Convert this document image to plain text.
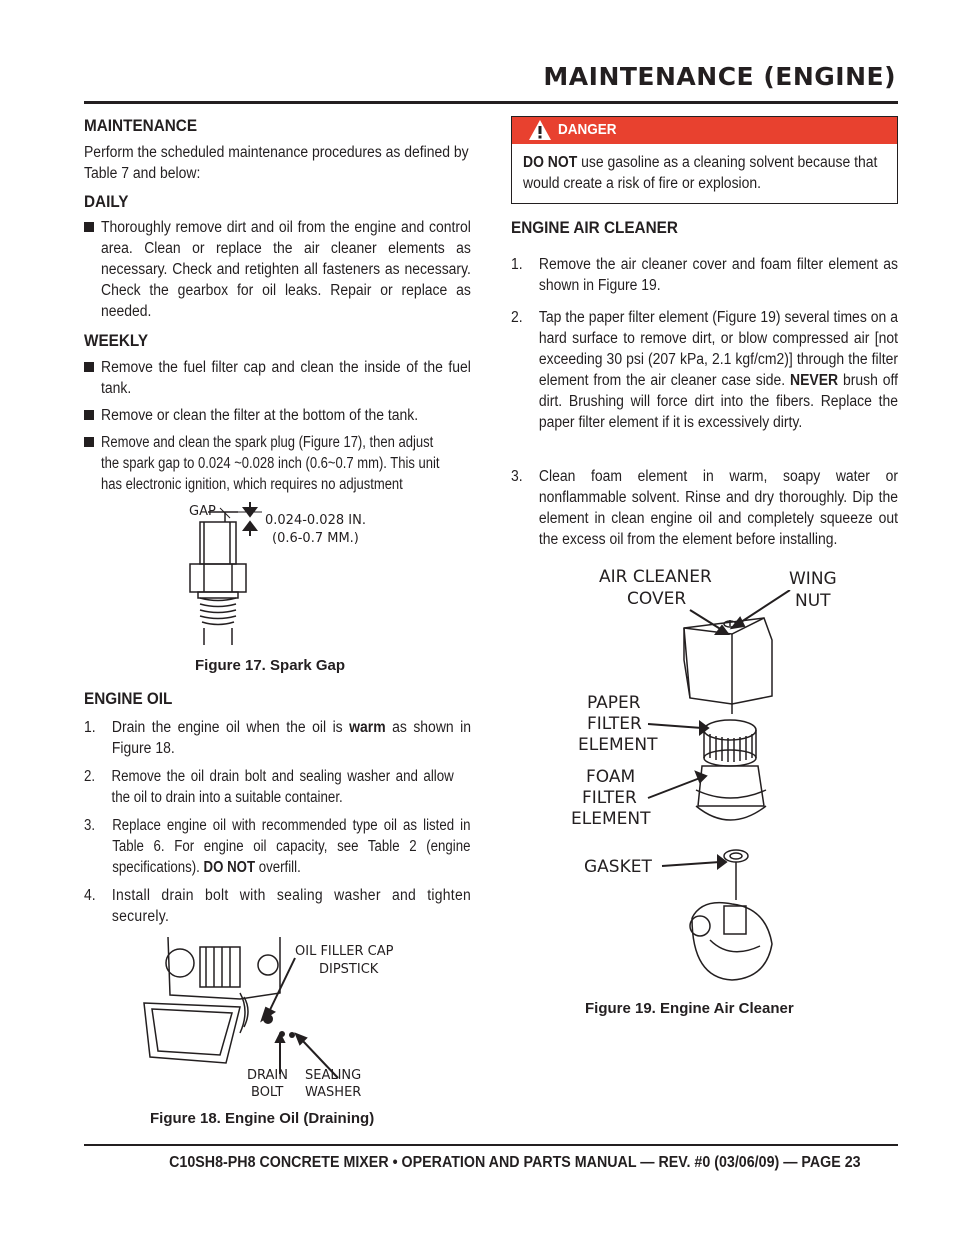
MAINTENANCE (ENGINE)
MAINTENANCE
Perform the scheduled maintenance procedures as defined by Table 7 and below:
DAILY
Thoroughly remove dirt and oil from the engine and control area. Clean or replace the air cleaner elements as necessary. Check and retighten all fasteners as necessary. Check the gearbox for oil leaks. Repair or replace as needed.
WEEKLY
Remove the fuel filter cap and clean the inside of the fuel tank.
Remove or clean the filter at the bottom of the tank.
Remove and clean the spark plug (Figure 17), then adjust the spark gap to 0.024 ~0.028 inch (0.6~0.7 mm). This unit has electronic ignition, which requires no adjustment
GAP
0.024-0.028 IN.
(0.6-0.7 MM.)
Figure 17. Spark Gap
ENGINE OIL
1. Drain the engine oil when the oil is warm as shown in Figure 18.
2. Remove the oil drain bolt and sealing washer and allow the oil to drain into a suitable container.
3. Replace engine oil with recommended type oil as listed in Table 6. For engine oil capacity, see Table 2 (engine specifications). DO NOT overfill.
4. Install drain bolt with sealing washer and tighten securely.
OIL FILLER CAP
DIPSTICK
DRAIN
BOLT
SEALING
WASHER
Figure 18. Engine Oil (Draining)
DANGER
DO NOT use gasoline as a cleaning solvent because that would create a risk of fire or explosion.
ENGINE AIR CLEANER
1. Remove the air cleaner cover and foam filter element as shown in Figure 19.
2. Tap the paper filter element (Figure 19) several times on a hard surface to remove dirt, or blow compressed air [not exceeding 30 psi (207 kPa, 2.1 kgf/cm2)] through the filter element from the air cleaner case side. NEVER brush off dirt. Brushing will force dirt into the fibers. Replace the paper filter element if it is excessively dirty.
3. Clean foam element in warm, soapy water or nonflammable solvent. Rinse and dry thoroughly. Dip the element in clean engine oil and completely squeeze out the excess oil from the element before installing.
AIR CLEANER
COVER
WING
NUT
PAPER
FILTER
ELEMENT
FOAM
FILTER
ELEMENT
GASKET
Figure 19. Engine Air Cleaner
C10SH8-PH8 CONCRETE MIXER • OPERATION AND PARTS MANUAL — REV. #0 (03/06/09) — PAGE 23
